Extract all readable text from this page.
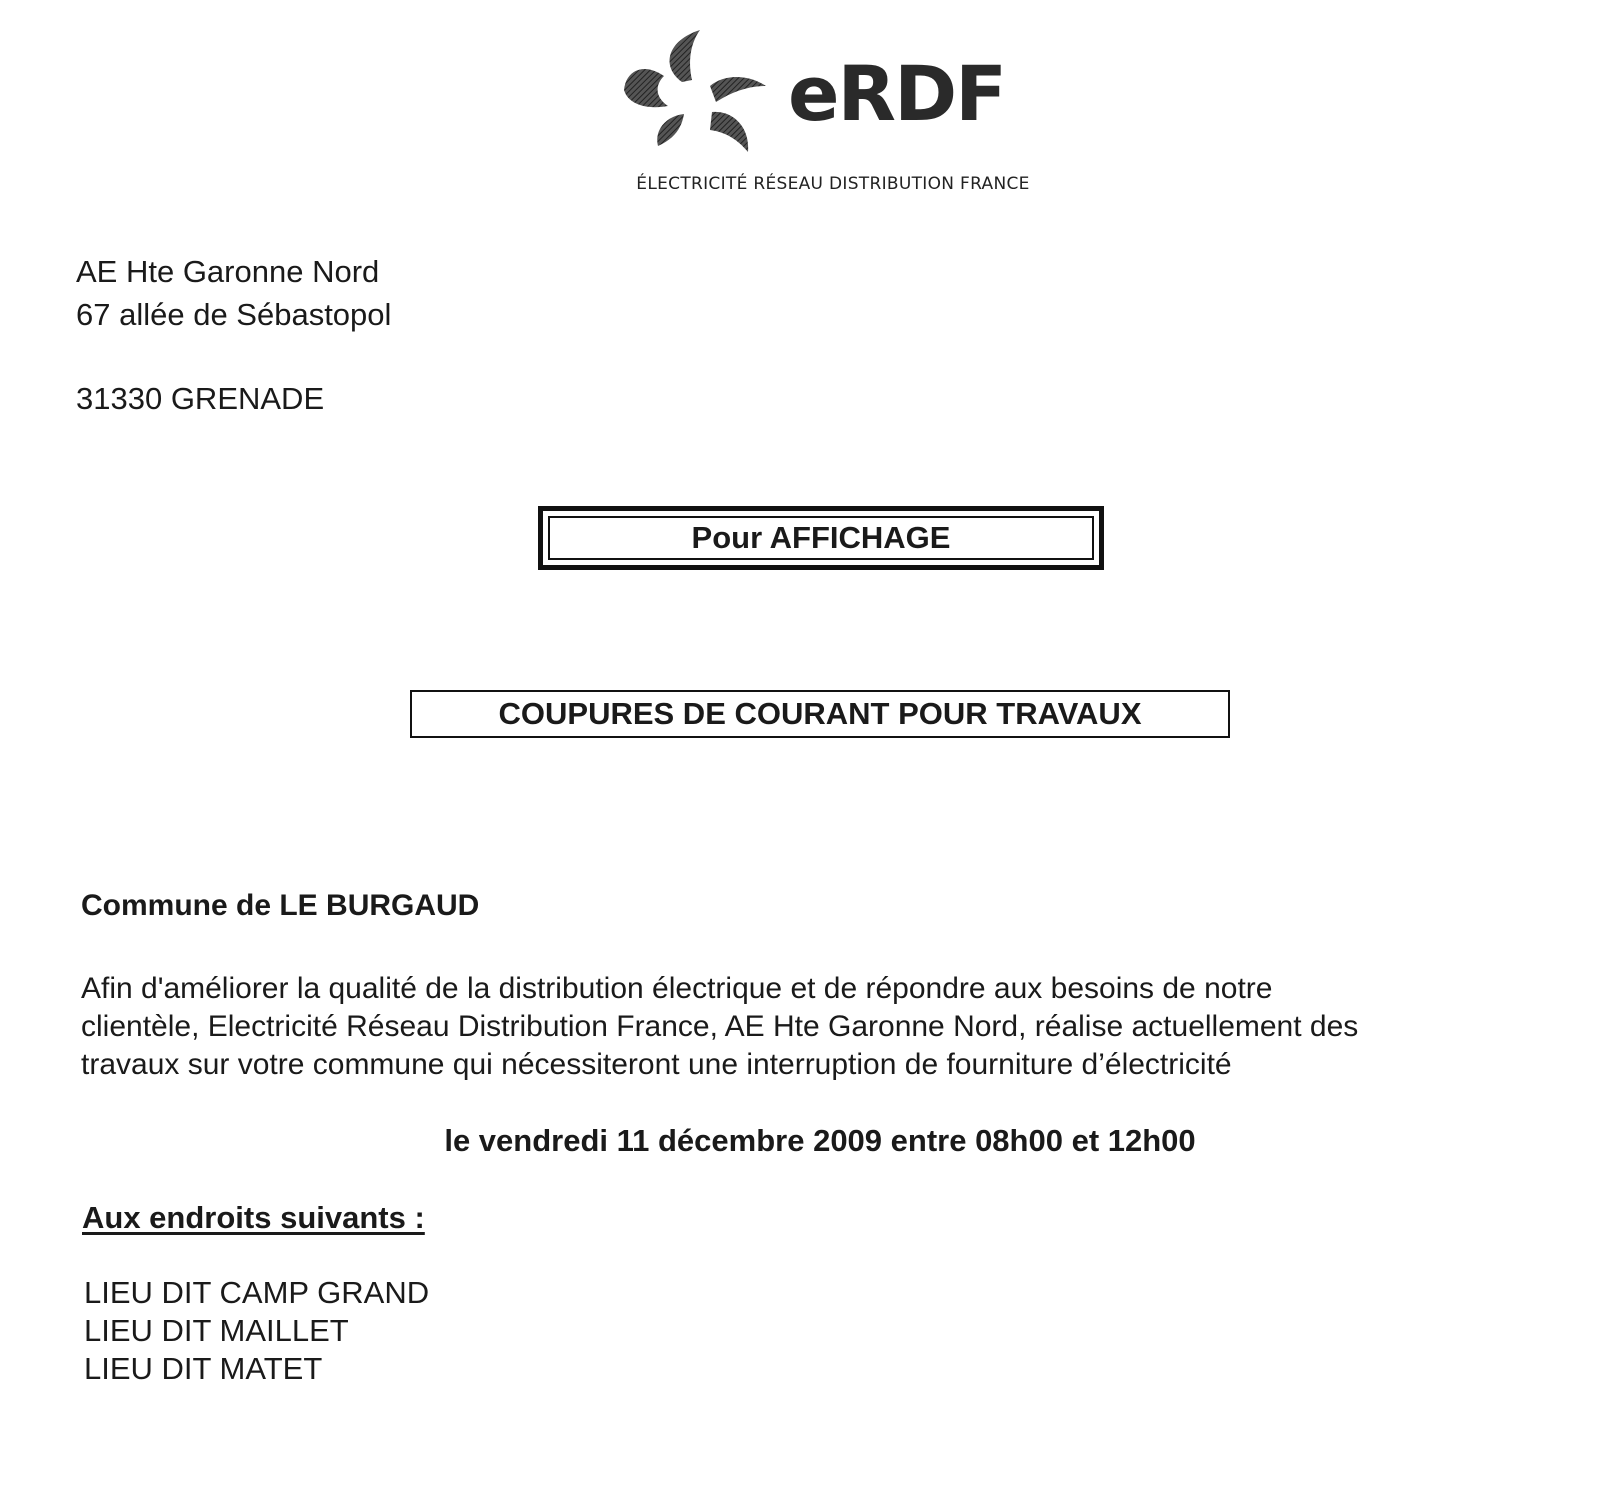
eRDF
ÉLECTRICITÉ RÉSEAU DISTRIBUTION FRANCE
AE Hte Garonne Nord
67 allée de Sébastopol
31330 GRENADE
Pour AFFICHAGE
COUPURES DE COURANT POUR TRAVAUX
Commune de LE BURGAUD
Afin d'améliorer la qualité de la distribution électrique et de répondre aux besoins de notre
clientèle, Electricité Réseau Distribution France, AE Hte Garonne Nord, réalise actuellement des
travaux sur votre commune qui nécessiteront une interruption de fourniture d’électricité
le vendredi 11 décembre 2009 entre 08h00 et 12h00
Aux endroits suivants :
LIEU DIT CAMP GRAND
LIEU DIT MAILLET
LIEU DIT MATET
